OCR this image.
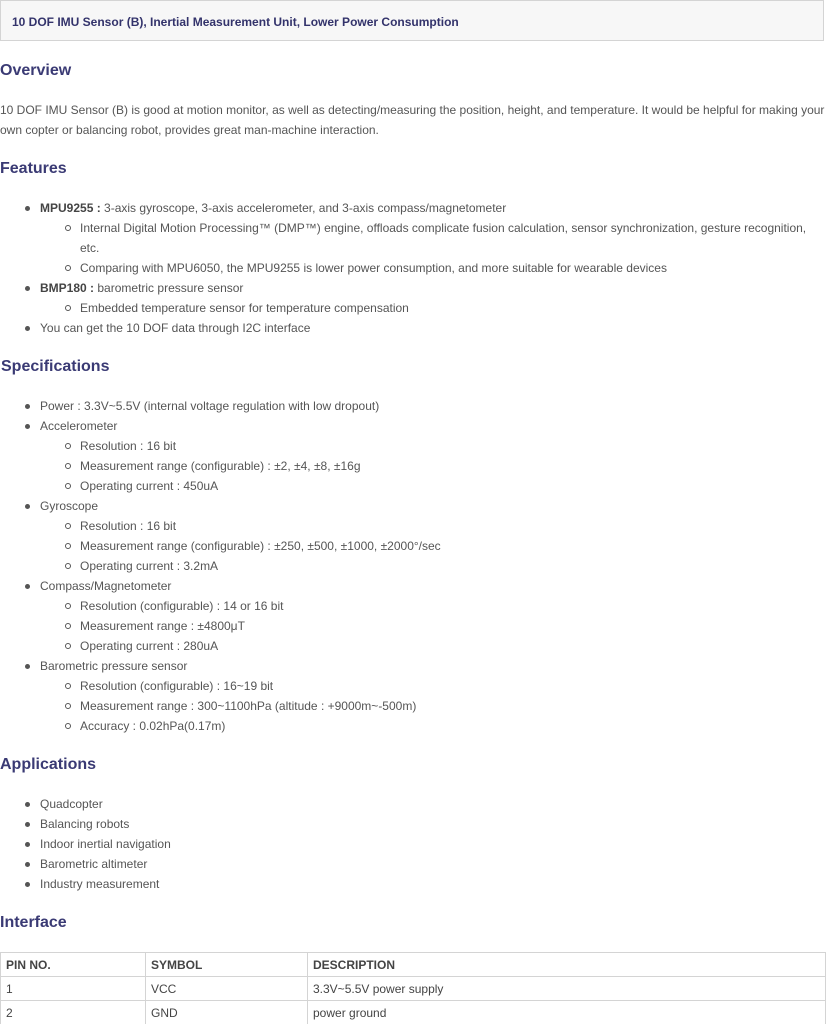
10 DOF IMU Sensor (B), Inertial Measurement Unit, Lower Power Consumption
Overview

10 DOF IMU Sensor (B) is good at motion monitor, as well as detecting/measuring the position, height, and temperature. It would be helpful for making your own copter or balancing robot, provides great man-machine interaction.

Features
MPU9255 : 3-axis gyroscope, 3-axis accelerometer, and 3-axis compass/magnetometer
Internal Digital Motion Processing™ (DMP™) engine, offloads complicate fusion calculation, sensor synchronization, gesture recognition, etc.
Comparing with MPU6050, the MPU9255 is lower power consumption, and more suitable for wearable devices
BMP180 : barometric pressure sensor
Embedded temperature sensor for temperature compensation
You can get the 10 DOF data through I2C interface
Specifications
Power : 3.3V~5.5V (internal voltage regulation with low dropout)
Accelerometer
Resolution : 16 bit
Measurement range (configurable) : ±2, ±4, ±8, ±16g
Operating current : 450uA
Gyroscope
Resolution : 16 bit
Measurement range (configurable) : ±250, ±500, ±1000, ±2000°/sec
Operating current : 3.2mA
Compass/Magnetometer
Resolution (configurable) : 14 or 16 bit
Measurement range : ±4800μT
Operating current : 280uA
Barometric pressure sensor
Resolution (configurable) : 16~19 bit
Measurement range : 300~1100hPa (altitude : +9000m~-500m)
Accuracy : 0.02hPa(0.17m)
Applications
Quadcopter
Balancing robots
Indoor inertial navigation
Barometric altimeter
Industry measurement
Interface
PIN NO.	SYMBOL	DESCRIPTION
1	VCC	3.3V~5.5V power supply
2	GND	power ground
